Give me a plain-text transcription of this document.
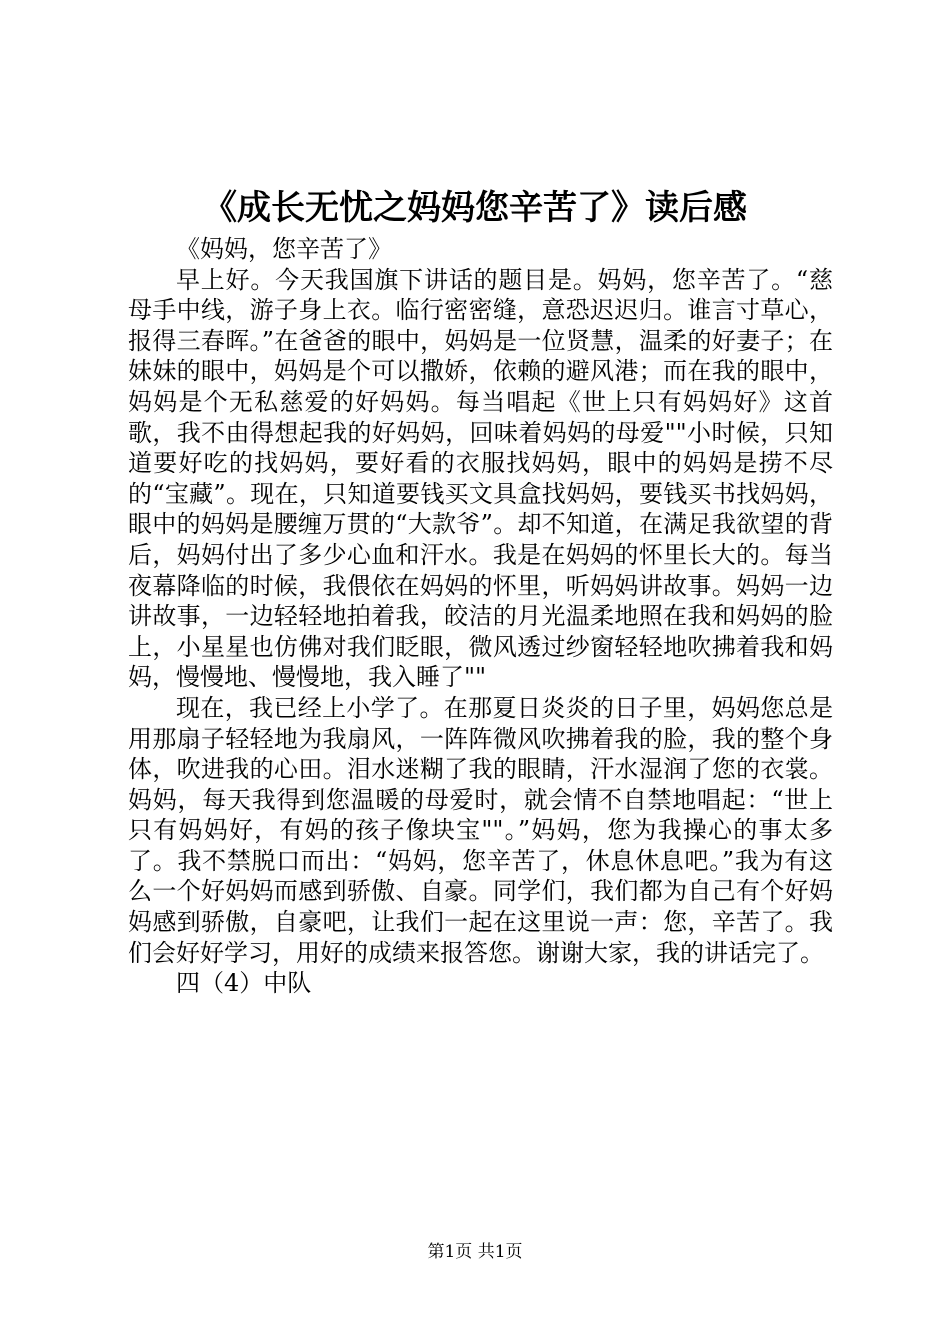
《成长无忧之妈妈您辛苦了》读后感

《妈妈，您辛苦了》

早上好。今天我国旗下讲话的题目是。妈妈，您辛苦了。“慈母手中线，游子身上衣。临行密密缝，意恐迟迟归。谁言寸草心，报得三春晖。”在爸爸的眼中，妈妈是一位贤慧，温柔的好妻子；在妹妹的眼中，妈妈是个可以撒娇，依赖的避风港；而在我的眼中，妈妈是个无私慈爱的好妈妈。每当唱起《世上只有妈妈好》这首歌，我不由得想起我的好妈妈，回味着妈妈的母爱""小时候，只知道要好吃的找妈妈，要好看的衣服找妈妈，眼中的妈妈是捞不尽的“宝藏”。现在，只知道要钱买文具盒找妈妈，要钱买书找妈妈，眼中的妈妈是腰缠万贯的“大款爷”。却不知道，在满足我欲望的背后，妈妈付出了多少心血和汗水。我是在妈妈的怀里长大的。每当夜幕降临的时候，我偎依在妈妈的怀里，听妈妈讲故事。妈妈一边讲故事，一边轻轻地拍着我，皎洁的月光温柔地照在我和妈妈的脸上，小星星也仿佛对我们眨眼，微风透过纱窗轻轻地吹拂着我和妈妈，慢慢地、慢慢地，我入睡了""

现在，我已经上小学了。在那夏日炎炎的日子里，妈妈您总是用那扇子轻轻地为我扇风，一阵阵微风吹拂着我的脸，我的整个身体，吹进我的心田。泪水迷糊了我的眼睛，汗水湿润了您的衣裳。妈妈，每天我得到您温暖的母爱时，就会情不自禁地唱起：“世上只有妈妈好，有妈的孩子像块宝""。”妈妈，您为我操心的事太多了。我不禁脱口而出：“妈妈，您辛苦了，休息休息吧。”我为有这么一个好妈妈而感到骄傲、自豪。同学们，我们都为自己有个好妈妈感到骄傲，自豪吧，让我们一起在这里说一声：您，辛苦了。我们会好好学习，用好的成绩来报答您。谢谢大家，我的讲话完了。

四（4）中队

第1页 共1页
